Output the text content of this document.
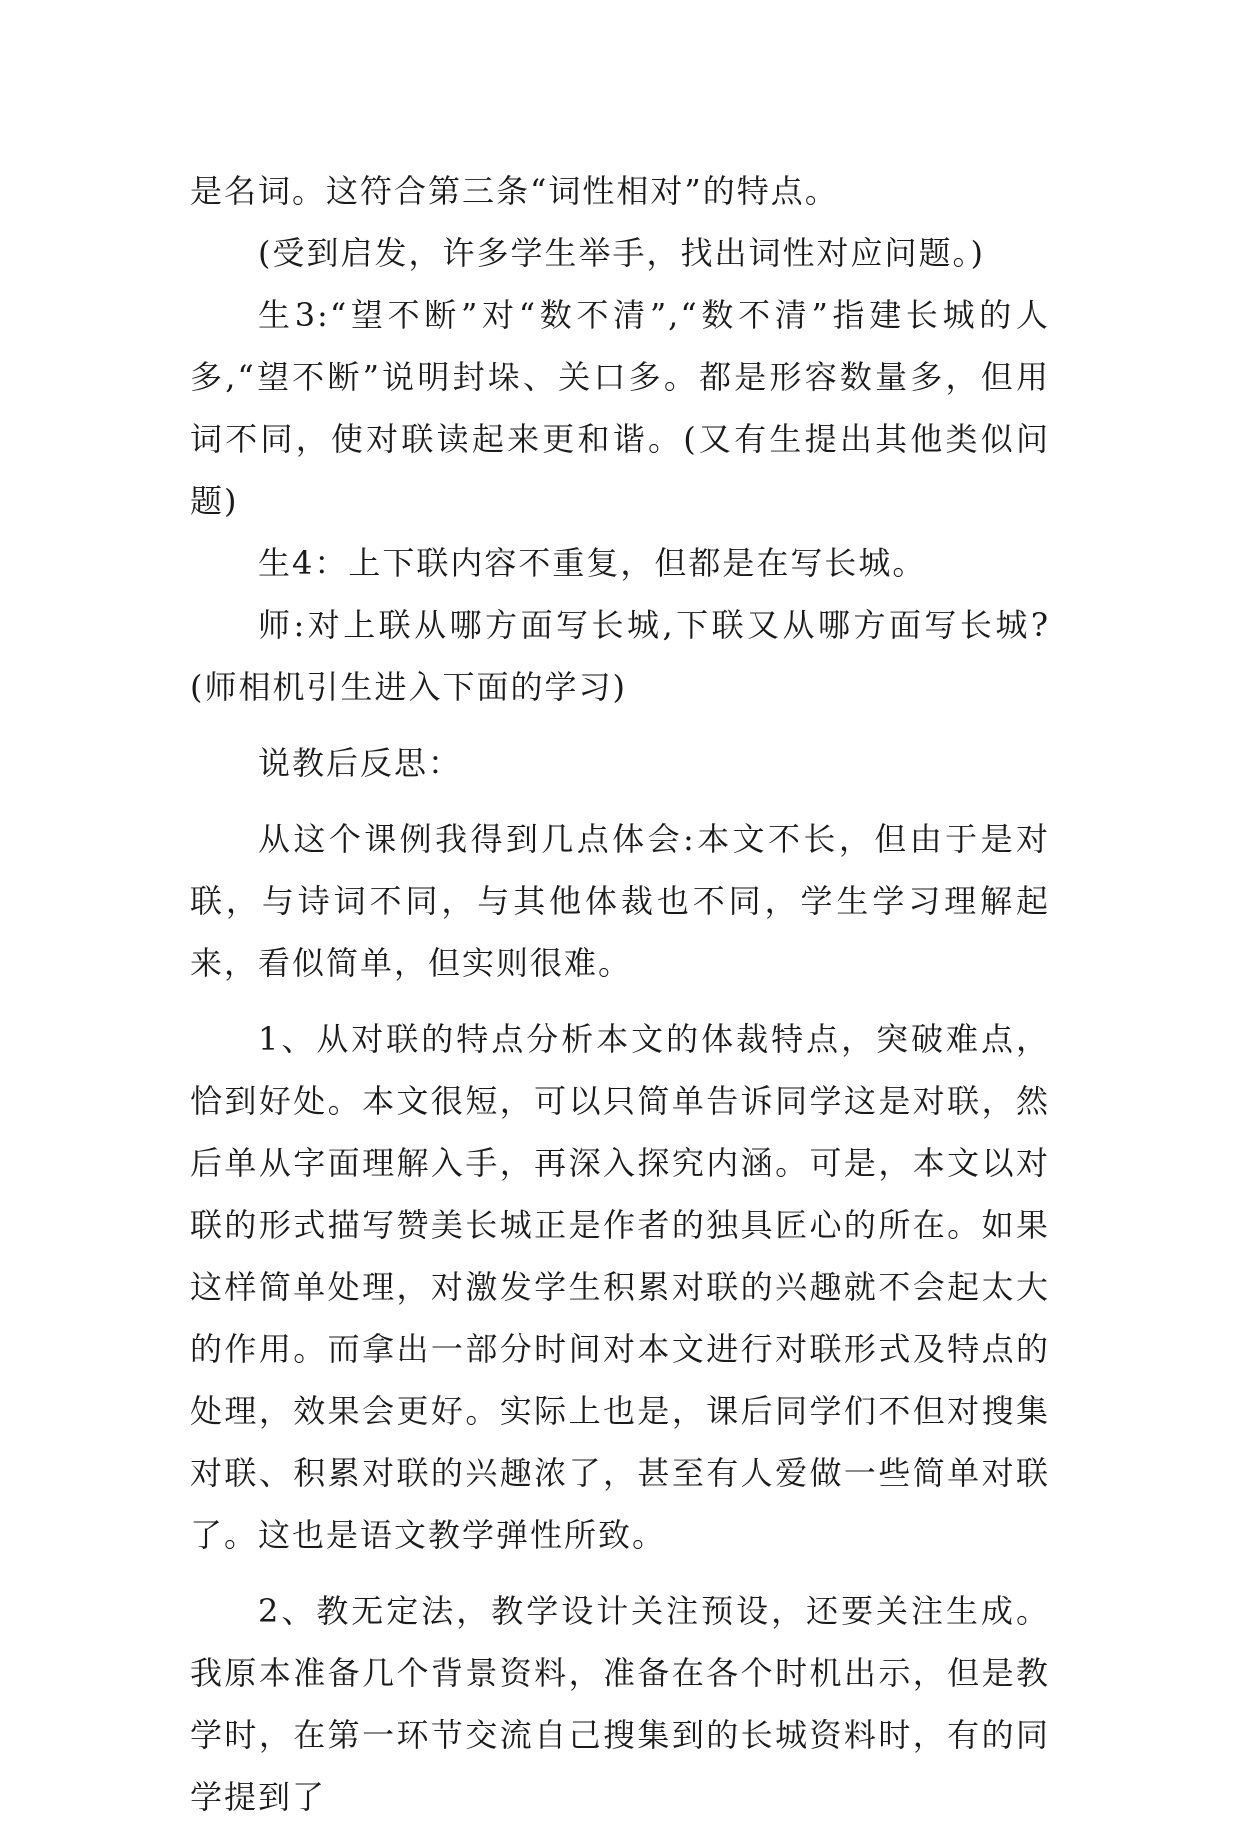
是名词。这符合第三条“词性相对”的特点。

(受到启发，许多学生举手，找出词性对应问题。)

生3:“望不断”对“数不清”,“数不清”指建长城的人多,“望不断”说明封垛、关口多。都是形容数量多，但用词不同，使对联读起来更和谐。(又有生提出其他类似问题)

生4：上下联内容不重复，但都是在写长城。

师:对上联从哪方面写长城,下联又从哪方面写长城?(师相机引生进入下面的学习)

说教后反思：

从这个课例我得到几点体会:本文不长，但由于是对联，与诗词不同，与其他体裁也不同，学生学习理解起来，看似简单，但实则很难。

1、从对联的特点分析本文的体裁特点，突破难点，恰到好处。本文很短，可以只简单告诉同学这是对联，然后单从字面理解入手，再深入探究内涵。可是，本文以对联的形式描写赞美长城正是作者的独具匠心的所在。如果这样简单处理，对激发学生积累对联的兴趣就不会起太大的作用。而拿出一部分时间对本文进行对联形式及特点的处理，效果会更好。实际上也是，课后同学们不但对搜集对联、积累对联的兴趣浓了，甚至有人爱做一些简单对联了。这也是语文教学弹性所致。

2、教无定法，教学设计关注预设，还要关注生成。我原本准备几个背景资料，准备在各个时机出示，但是教学时，在第一环节交流自己搜集到的长城资料时，有的同学提到了
